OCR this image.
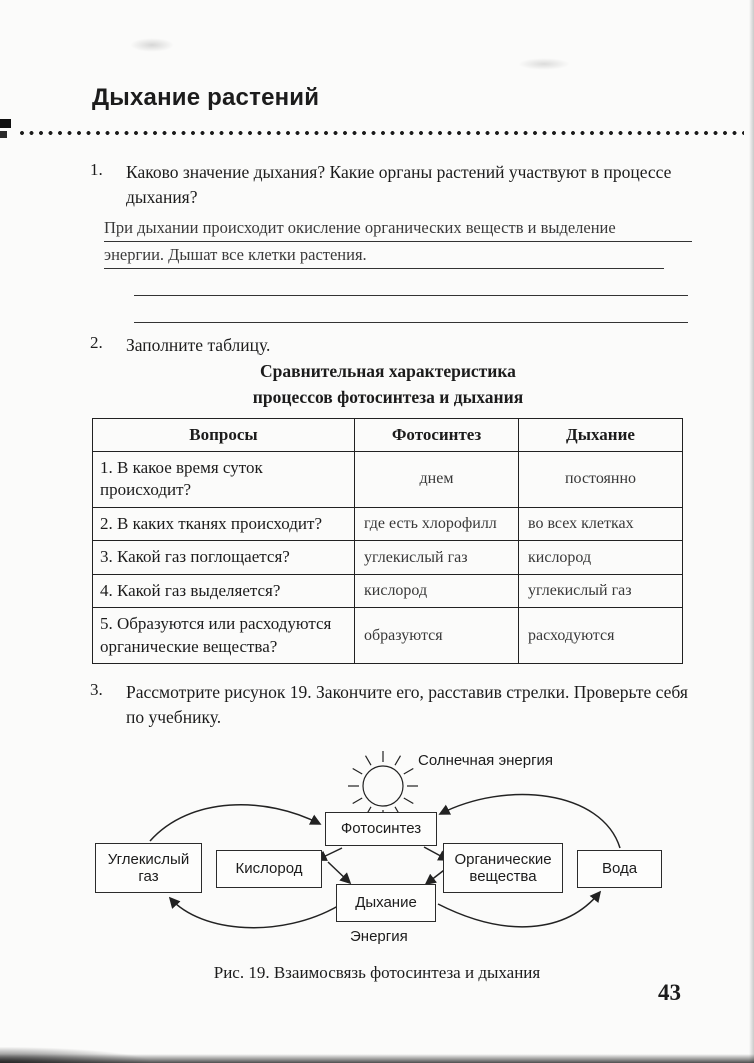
Дыхание растений
1.	Каково значение дыхания? Какие органы растений участвуют в процессе дыхания?
При дыхании происходит окисление органических веществ и выделение
энергии. Дышат все клетки растения.
2.	Заполните таблицу.
Сравнительная характеристика
процессов фотосинтеза и дыхания
Вопросы	Фотосинтез	Дыхание
1. В какое время суток происходит?	днем	постоянно
2. В каких тканях происходит?	где есть хлорофилл	во всех клетках
3. Какой газ поглощается?	углекислый газ	кислород
4. Какой газ выделяется?	кислород	углекислый газ
5. Образуются или расходуются органические вещества?	образуются	расходуются
3.	Рассмотрите рисунок 19. Закончите его, расставив стрелки. Проверьте себя по учебнику.
Солнечная энергия
Фотосинтез
Углекислый газ	Кислород
Органические вещества	Вода
Дыхание
Энергия
Рис. 19. Взаимосвязь фотосинтеза и дыхания
43
